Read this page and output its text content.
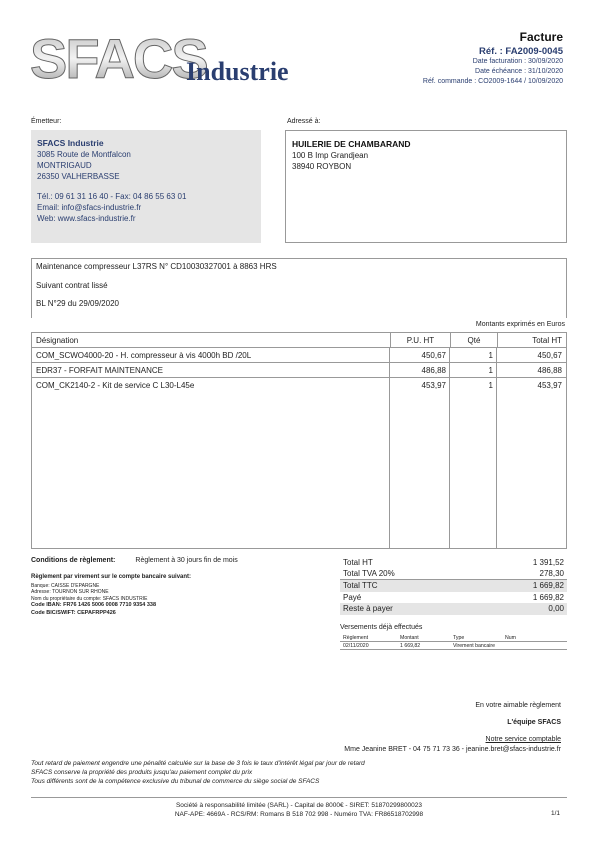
SFACS
Industrie
Facture
Réf. : FA2009-0045
Date facturation : 30/09/2020
Date échéance : 31/10/2020
Réf. commande : CO2009-1644 / 10/09/2020
Émetteur:	Adressé à:
SFACS Industrie
3085 Route de Montfalcon
MONTRIGAUD
26350 VALHERBASSE
Tél.: 09 61 31 16 40 - Fax: 04 86 55 63 01
Email: info@sfacs-industrie.fr
Web: www.sfacs-industrie.fr
HUILERIE DE CHAMBARAND
100 B Imp Grandjean
38940 ROYBON
Maintenance compresseur L37RS N° CD10030327001 à 8863 HRS
Suivant contrat lissé
BL N°29 du 29/09/2020
Montants exprimés en Euros
Désignation	P.U. HT	Qté	Total HT
COM_SCWO4000-20 - H. compresseur à vis 4000h BD /20L	450,67	1	450,67
EDR37 - FORFAIT MAINTENANCE	486,88	1	486,88
COM_CK2140-2 - Kit de service C L30-L45e	453,97	1	453,97
Conditions de règlement:	Règlement à 30 jours fin de mois
Règlement par virement sur le compte bancaire suivant:
Banque: CAISSE D'EPARGNE
Adresse: TOURNON SUR RHONE
Nom du propriétaire du compte: SFACS INDUSTRIE
Code IBAN: FR76 1426 5006 0008 7710 9354 338
Code BIC/SWIFT: CEPAFRPP426
Total HT	1 391,52
Total TVA 20%	278,30
Total TTC	1 669,82
Payé	1 669,82
Reste à payer	0,00
Versements déjà effectués
Règlement	Montant	Type	Num
02/11/2020	1 669,82	Virement bancaire
En votre aimable règlement
L'équipe SFACS
Notre service comptable
Mme Jeanine BRET - 04 75 71 73 36 - jeanine.bret@sfacs-industrie.fr
Tout retard de paiement engendre une pénalité calculée sur la base de 3 fois le taux d'intérêt légal par jour de retard
SFACS conserve la propriété des produits jusqu'au paiement complet du prix
Tous différents sont de la compétence exclusive du tribunal de commerce du siège social de SFACS
Société à responsabilité limitée (SARL) - Capital de 8000€ - SIRET: 51870299800023
NAF-APE: 4669A - RCS/RM: Romans B 518 702 998 - Numéro TVA: FR86518702998	1/1
